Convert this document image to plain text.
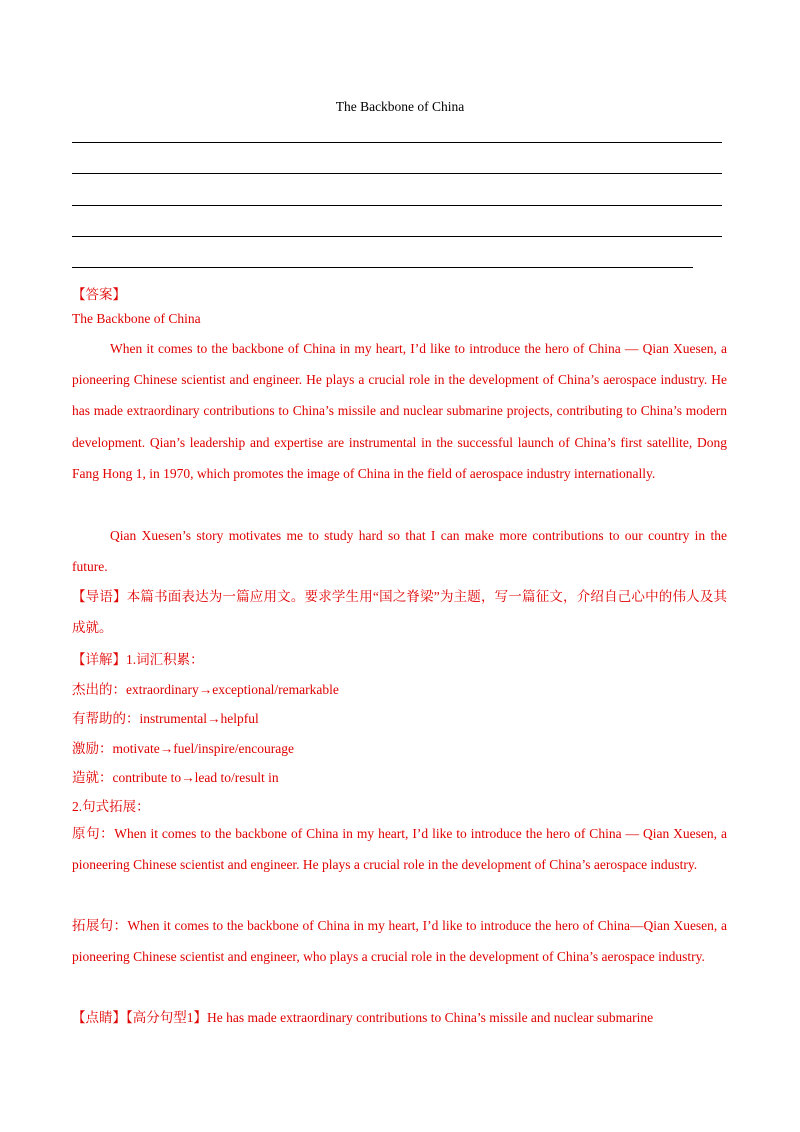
The Backbone of China
【答案】
The Backbone of China
When it comes to the backbone of China in my heart, I’d like to introduce the hero of China — Qian Xuesen, a pioneering Chinese scientist and engineer. He plays a crucial role in the development of China’s aerospace industry. He has made extraordinary contributions to China’s missile and nuclear submarine projects, contributing to China’s modern development. Qian’s leadership and expertise are instrumental in the successful launch of China’s first satellite, Dong Fang Hong 1, in 1970, which promotes the image of China in the field of aerospace industry internationally.
Qian Xuesen’s story motivates me to study hard so that I can make more contributions to our country in the future.
【导语】本篇书面表达为一篇应用文。要求学生用“国之脊梁”为主题，写一篇征文，介绍自己心中的伟人及其成就。
【详解】1.词汇积累：
杰出的：extraordinary→exceptional/remarkable
有帮助的：instrumental→helpful
激励：motivate→fuel/inspire/encourage
造就：contribute to→lead to/result in
2.句式拓展：
原句：When it comes to the backbone of China in my heart, I’d like to introduce the hero of China — Qian Xuesen, a pioneering Chinese scientist and engineer. He plays a crucial role in the development of China’s aerospace industry.
拓展句：When it comes to the backbone of China in my heart, I’d like to introduce the hero of China—Qian Xuesen, a pioneering Chinese scientist and engineer, who plays a crucial role in the development of China’s aerospace industry.
【点睛】【高分句型1】He has made extraordinary contributions to China’s missile and nuclear submarine
